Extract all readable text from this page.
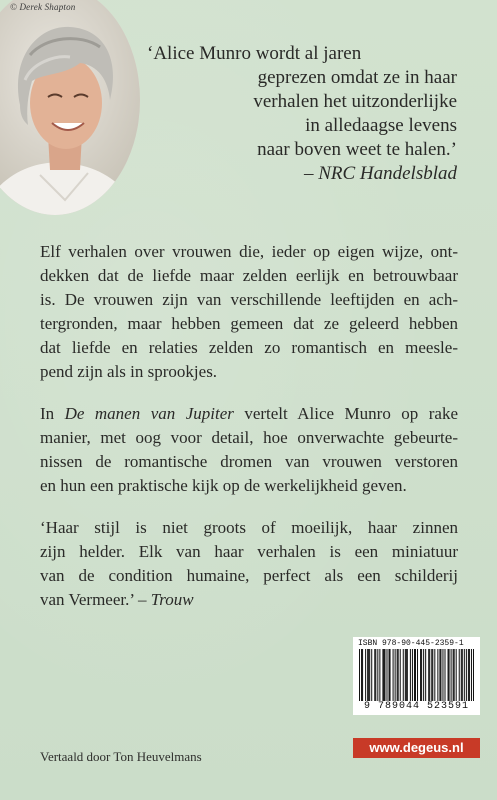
© Derek Shapton
‘Alice Munro wordt al jaren
geprezen omdat ze in haar
verhalen het uitzonderlijke
in alledaagse levens
naar boven weet te halen.’
– NRC Handelsblad
Elf verhalen over vrouwen die, ieder op eigen wijze, ont-
dekken dat de liefde maar zelden eerlijk en betrouwbaar
is. De vrouwen zijn van verschillende leeftijden en ach-
tergronden, maar hebben gemeen dat ze geleerd hebben
dat liefde en relaties zelden zo romantisch en meesle-
pend zijn als in sprookjes.
In De manen van Jupiter vertelt Alice Munro op rake
manier, met oog voor detail, hoe onverwachte gebeurte-
nissen de romantische dromen van vrouwen verstoren
en hun een praktische kijk op de werkelijkheid geven.
‘Haar stijl is niet groots of moeilijk, haar zinnen
zijn helder. Elk van haar verhalen is een miniatuur
van de condition humaine, perfect als een schilderij
van Vermeer.’ – Trouw
ISBN 978-90-445-2359-1
9 789044 523591
www.degeus.nl
Vertaald door Ton Heuvelmans
